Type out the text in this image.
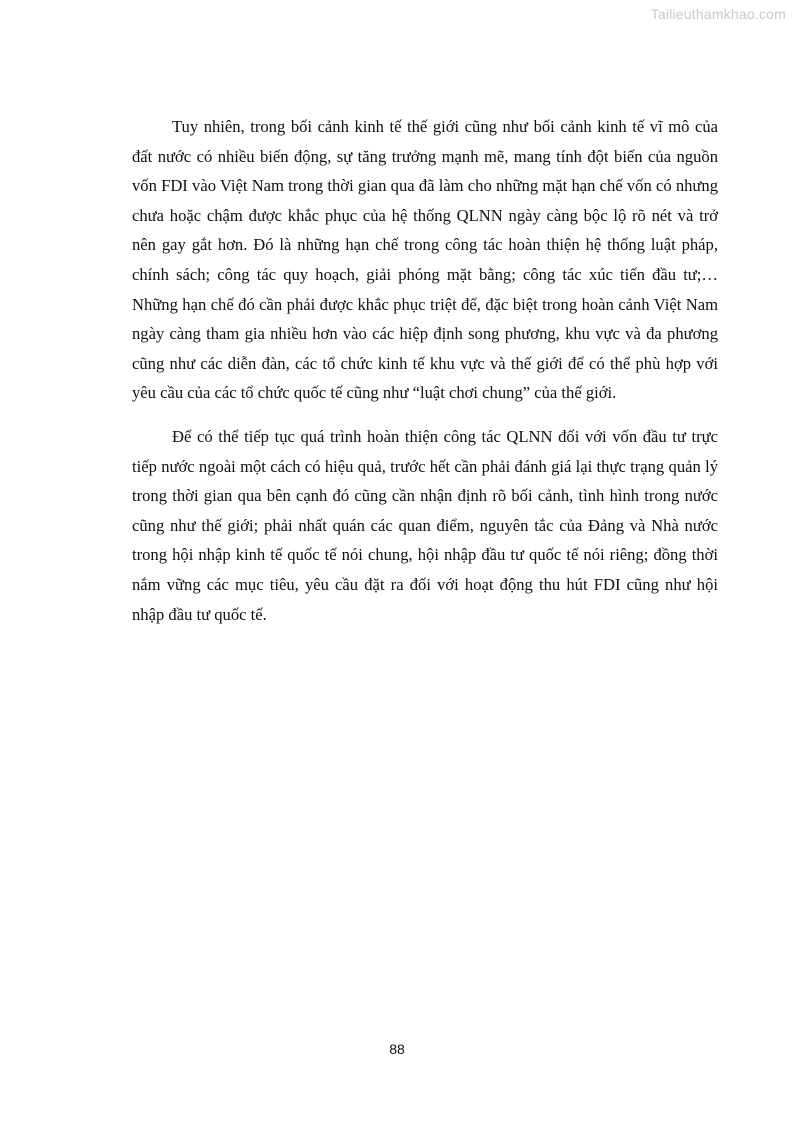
Tailieuthamkhao.com

Tuy nhiên, trong bối cảnh kinh tế thế giới cũng như bối cảnh kinh tế vĩ mô của đất nước có nhiều biến động, sự tăng trưởng mạnh mẽ, mang tính đột biến của nguồn vốn FDI vào Việt Nam trong thời gian qua đã làm cho những mặt hạn chế vốn có nhưng chưa hoặc chậm được khắc phục của hệ thống QLNN ngày càng bộc lộ rõ nét và trở nên gay gắt hơn. Đó là những hạn chế trong công tác hoàn thiện hệ thống luật pháp, chính sách; công tác quy hoạch, giải phóng mặt bằng; công tác xúc tiến đầu tư;… Những hạn chế đó cần phải được khắc phục triệt để, đặc biệt trong hoàn cảnh Việt Nam ngày càng tham gia nhiều hơn vào các hiệp định song phương, khu vực và đa phương cũng như các diễn đàn, các tổ chức kinh tế khu vực và thế giới để có thể phù hợp với yêu cầu của các tổ chức quốc tế cũng như “luật chơi chung” của thế giới.

Để có thể tiếp tục quá trình hoàn thiện công tác QLNN đối với vốn đầu tư trực tiếp nước ngoài một cách có hiệu quả, trước hết cần phải đánh giá lại thực trạng quản lý trong thời gian qua bên cạnh đó cũng cần nhận định rõ bối cảnh, tình hình trong nước cũng như thế giới; phải nhất quán các quan điểm, nguyên tắc của Đảng và Nhà nước trong hội nhập kinh tế quốc tế nói chung, hội nhập đầu tư quốc tế nói riêng; đồng thời nắm vững các mục tiêu, yêu cầu đặt ra đối với hoạt động thu hút FDI cũng như hội nhập đầu tư quốc tế.

88
